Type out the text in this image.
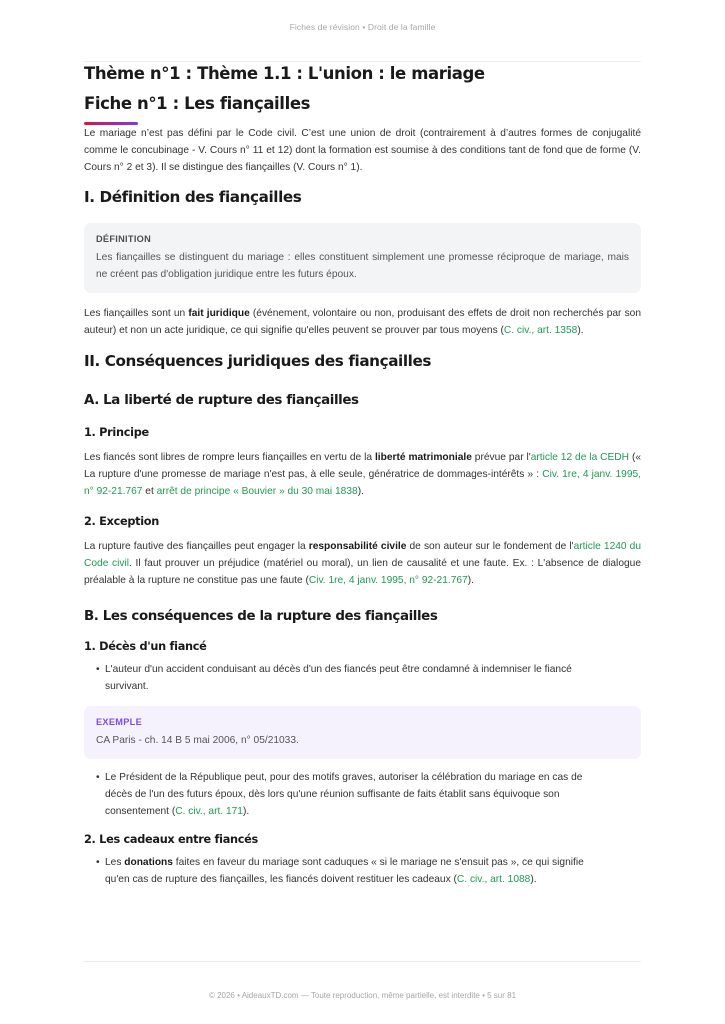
Fiches de révision • Droit de la famille
Thème n°1 : Thème 1.1 : L'union : le mariage
Fiche n°1 : Les fiançailles

Le mariage n’est pas défini par le Code civil. C’est une union de droit (contrairement à d’autres formes de conjugalité comme le concubinage - V. Cours n° 11 et 12) dont la formation est soumise à des conditions tant de fond que de forme (V. Cours n° 2 et 3). Il se distingue des fiançailles (V. Cours n° 1).

I. Définition des fiançailles
DÉFINITION
Les fiançailles se distinguent du mariage : elles constituent simplement une promesse réciproque de mariage, mais ne créent pas d'obligation juridique entre les futurs époux.

Les fiançailles sont un fait juridique (événement, volontaire ou non, produisant des effets de droit non recherchés par son auteur) et non un acte juridique, ce qui signifie qu'elles peuvent se prouver par tous moyens (C. civ., art. 1358).

II. Conséquences juridiques des fiançailles
A. La liberté de rupture des fiançailles
1. Principe

Les fiancés sont libres de rompre leurs fiançailles en vertu de la liberté matrimoniale prévue par l'article 12 de la CEDH (« La rupture d'une promesse de mariage n'est pas, à elle seule, génératrice de dommages-intérêts » : Civ. 1re, 4 janv. 1995, n° 92-21.767 et arrêt de principe « Bouvier » du 30 mai 1838).

2. Exception

La rupture fautive des fiançailles peut engager la responsabilité civile de son auteur sur le fondement de l'article 1240 du Code civil. Il faut prouver un préjudice (matériel ou moral), un lien de causalité et une faute. Ex. : L'absence de dialogue préalable à la rupture ne constitue pas une faute (Civ. 1re, 4 janv. 1995, n° 92-21.767).

B. Les conséquences de la rupture des fiançailles
1. Décès d'un fiancé
• L'auteur d'un accident conduisant au décès d'un des fiancés peut être condamné à indemniser le fiancé survivant.
EXEMPLE
CA Paris - ch. 14 B 5 mai 2006, n° 05/21033.
• Le Président de la République peut, pour des motifs graves, autoriser la célébration du mariage en cas de décès de l'un des futurs époux, dès lors qu'une réunion suffisante de faits établit sans équivoque son consentement (C. civ., art. 171).
2. Les cadeaux entre fiancés
• Les donations faites en faveur du mariage sont caduques « si le mariage ne s'ensuit pas », ce qui signifie qu'en cas de rupture des fiançailles, les fiancés doivent restituer les cadeaux (C. civ., art. 1088).
© 2026 • AideauxTD.com — Toute reproduction, même partielle, est interdite • 5 sur 81
